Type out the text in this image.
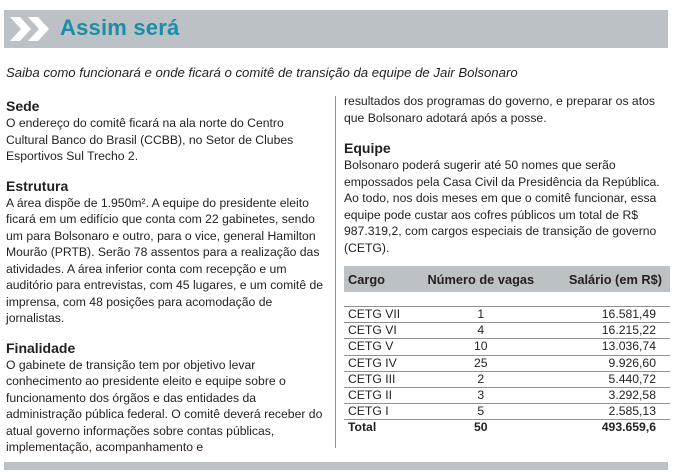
Assim será
Saiba como funcionará e onde ficará o comitê de transição da equipe de Jair Bolsonaro
Sede

O endereço do comitê ficará na ala norte do Centro Cultural Banco do Brasil (CCBB), no Setor de Clubes Esportivos Sul Trecho 2.

Estrutura

A área dispõe de 1.950m². A equipe do presidente eleito ficará em um edifício que conta com 22 gabinetes, sendo um para Bolsonaro e outro, para o vice, general Hamilton Mourão (PRTB). Serão 78 assentos para a realização das atividades. A área inferior conta com recepção e um auditório para entrevistas, com 45 lugares, e um comitê de imprensa, com 48 posições para acomodação de jornalistas.

Finalidade

O gabinete de transição tem por objetivo levar conhecimento ao presidente eleito e equipe sobre o funcionamento dos órgãos e das entidades da administração pública federal. O comitê deverá receber do atual governo informações sobre contas públicas, implementação, acompanhamento e

resultados dos programas do governo, e preparar os atos que Bolsonaro adotará após a posse.

Equipe

Bolsonaro poderá sugerir até 50 nomes que serão empossados pela Casa Civil da Presidência da República. Ao todo, nos dois meses em que o comitê funcionar, essa equipe pode custar aos cofres públicos um total de R$ 987.319,2, com cargos especiais de transição de governo (CETG).

Cargo	Número de vagas	Salário (em R$)

CETG VII	1	16.581,49
CETG VI	4	16.215,22
CETG V	10	13.036,74
CETG IV	25	9.926,60
CETG III	2	5.440,72
CETG II	3	3.292,58
CETG I	5	2.585,13
Total	50	493.659,6
